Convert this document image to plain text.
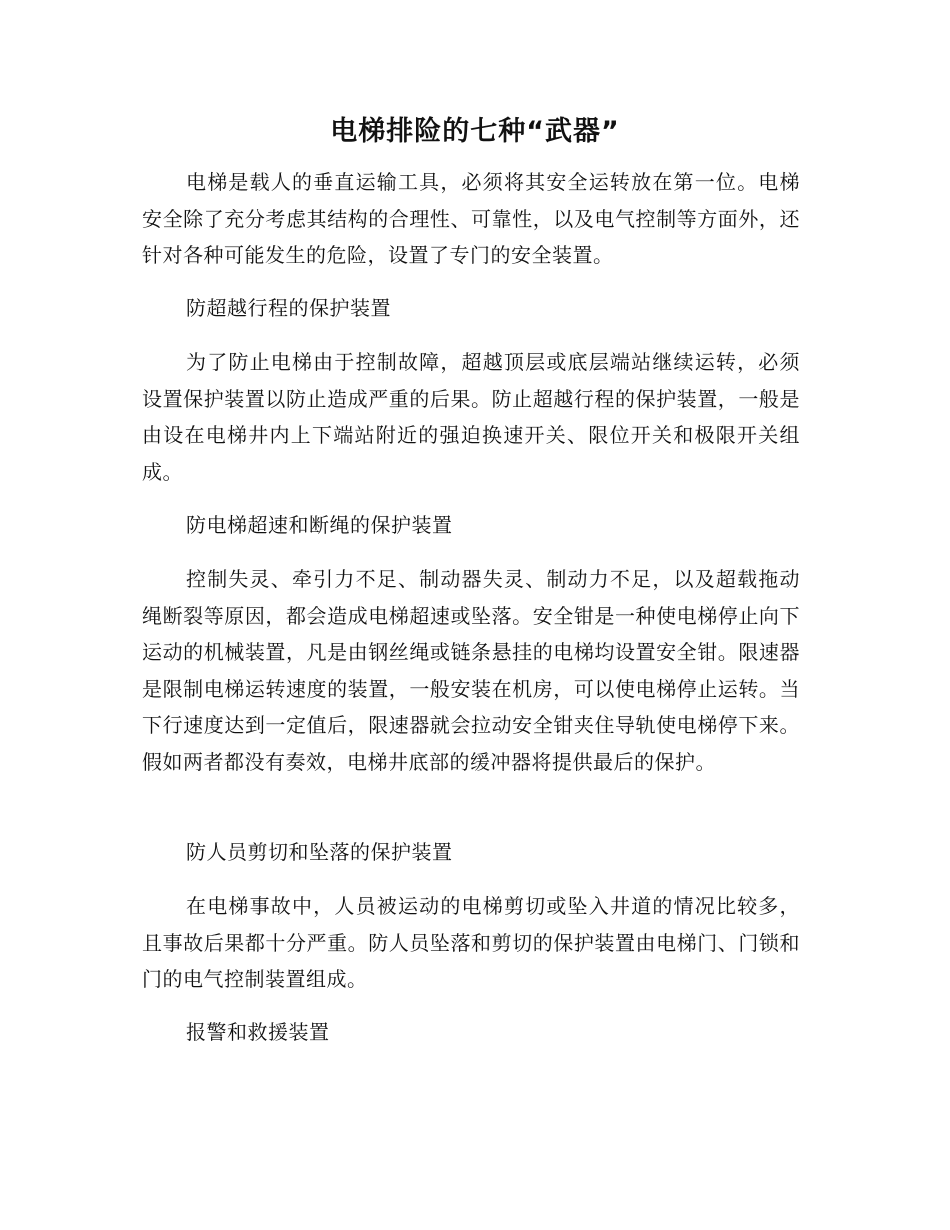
电梯排险的七种“武器”

电梯是载人的垂直运输工具，必须将其安全运转放在第一位。电梯安全除了充分考虑其结构的合理性、可靠性，以及电气控制等方面外，还针对各种可能发生的危险，设置了专门的安全装置。

防超越行程的保护装置

为了防止电梯由于控制故障，超越顶层或底层端站继续运转，必须设置保护装置以防止造成严重的后果。防止超越行程的保护装置，一般是由设在电梯井内上下端站附近的强迫换速开关、限位开关和极限开关组成。

防电梯超速和断绳的保护装置

控制失灵、牵引力不足、制动器失灵、制动力不足，以及超载拖动绳断裂等原因，都会造成电梯超速或坠落。安全钳是一种使电梯停止向下运动的机械装置，凡是由钢丝绳或链条悬挂的电梯均设置安全钳。限速器是限制电梯运转速度的装置，一般安装在机房，可以使电梯停止运转。当下行速度达到一定值后，限速器就会拉动安全钳夹住导轨使电梯停下来。假如两者都没有奏效，电梯井底部的缓冲器将提供最后的保护。

防人员剪切和坠落的保护装置

在电梯事故中，人员被运动的电梯剪切或坠入井道的情况比较多，且事故后果都十分严重。防人员坠落和剪切的保护装置由电梯门、门锁和门的电气控制装置组成。

报警和救援装置
